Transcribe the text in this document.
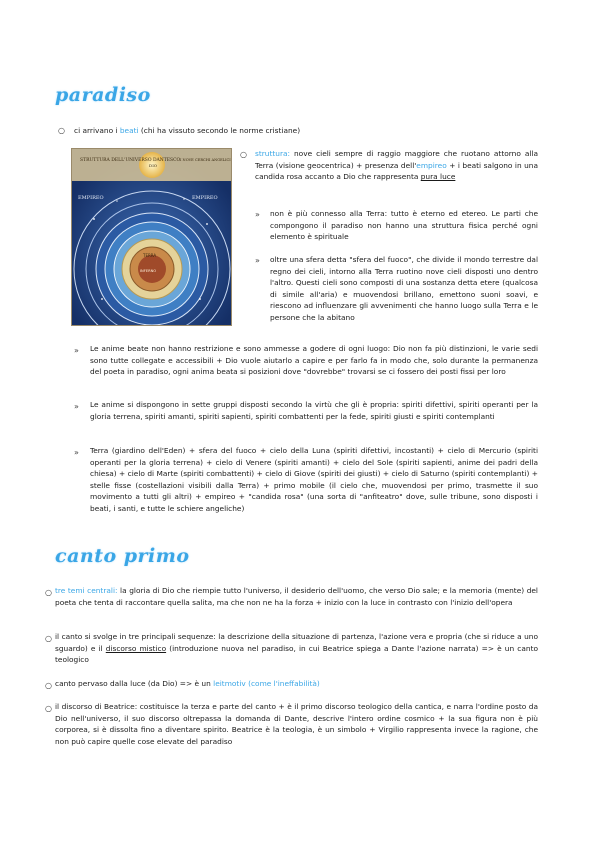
paradiso
○ ci arrivano i beati (chi ha vissuto secondo le norme cristiane)
STRUTTURA DELL'UNIVERSO DANTESCO
DIO
I NOVE CERCHI ANGELICI
EMPIREO	EMPIREO
TERRA
INFERNO
○ struttura: nove cieli sempre di raggio maggiore che ruotano attorno alla Terra (visione geocentrica) + presenza dell'empireo + i beati salgono in una candida rosa accanto a Dio che rappresenta pura luce
» non è più connesso alla Terra: tutto è eterno ed etereo. Le parti che compongono il paradiso non hanno una struttura fisica perché ogni elemento è spirituale
» oltre una sfera detta "sfera del fuoco", che divide il mondo terrestre dal regno dei cieli, intorno alla Terra ruotino nove cieli disposti uno dentro l'altro. Questi cieli sono composti di una sostanza detta etere (qualcosa di simile all'aria) e muovendosi brillano, emettono suoni soavi, e riescono ad influenzare gli avvenimenti che hanno luogo sulla Terra e le persone che la abitano
» Le anime beate non hanno restrizione e sono ammesse a godere di ogni luogo: Dio non fa più distinzioni, le varie sedi sono tutte collegate e accessibili + Dio vuole aiutarlo a capire e per farlo fa in modo che, solo durante la permanenza del poeta in paradiso, ogni anima beata si posizioni dove "dovrebbe" trovarsi se ci fossero dei posti fissi per loro
» Le anime si dispongono in sette gruppi disposti secondo la virtù che gli è propria: spiriti difettivi, spiriti operanti per la gloria terrena, spiriti amanti, spiriti sapienti, spiriti combattenti per la fede, spiriti giusti e spiriti contemplanti
» Terra (giardino dell'Eden) + sfera del fuoco + cielo della Luna (spiriti difettivi, incostanti) + cielo di Mercurio (spiriti operanti per la gloria terrena) + cielo di Venere (spiriti amanti) + cielo del Sole (spiriti sapienti, anime dei padri della chiesa) + cielo di Marte (spiriti combattenti) + cielo di Giove (spiriti dei giusti) + cielo di Saturno (spiriti contemplanti) + stelle fisse (costellazioni visibili dalla Terra) + primo mobile (il cielo che, muovendosi per primo, trasmette il suo movimento a tutti gli altri) + empireo + "candida rosa" (una sorta di "anfiteatro" dove, sulle tribune, sono disposti i beati, i santi, e tutte le schiere angeliche)
canto primo
○ tre temi centrali: la gloria di Dio che riempie tutto l'universo, il desiderio dell'uomo, che verso Dio sale; e la memoria (mente) del poeta che tenta di raccontare quella salita, ma che non ne ha la forza + inizio con la luce in contrasto con l'inizio dell'opera
○ il canto si svolge in tre principali sequenze: la descrizione della situazione di partenza, l'azione vera e propria (che si riduce a uno sguardo) e il discorso mistico (introduzione nuova nel paradiso, in cui Beatrice spiega a Dante l'azione narrata) => è un canto teologico
○ canto pervaso dalla luce (da Dio) => è un leitmotiv (come l'ineffabilità)
○ il discorso di Beatrice: costituisce la terza e parte del canto + è il primo discorso teologico della cantica, e narra l'ordine posto da Dio nell'universo, il suo discorso oltrepassa la domanda di Dante, descrive l'intero ordine cosmico + la sua figura non è più corporea, si è dissolta fino a diventare spirito. Beatrice è la teologia, è un simbolo + Virgilio rappresenta invece la ragione, che non può capire quelle cose elevate del paradiso
